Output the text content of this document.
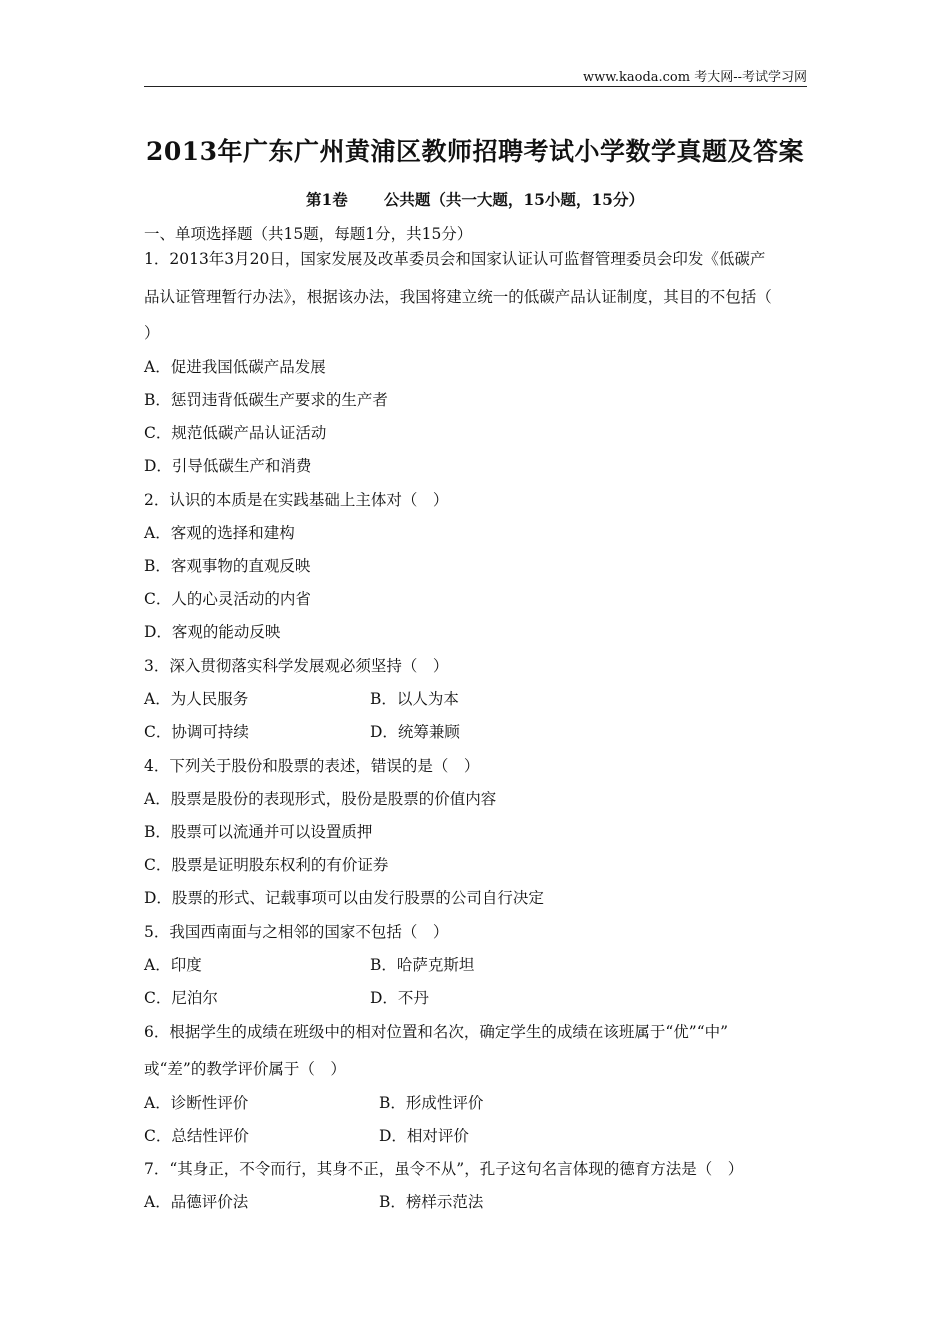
www.kaoda.com 考大网--考试学习网
2013年广东广州黄浦区教师招聘考试小学数学真题及答案
第1卷 公共题（共一大题，15小题，15分）
一、单项选择题（共15题，每题1分，共15分）
1．2013年3月20日，国家发展及改革委员会和国家认证认可监督管理委员会印发《低碳产
品认证管理暂行办法》，根据该办法，我国将建立统一的低碳产品认证制度，其目的不包括（
）
A．促进我国低碳产品发展
B．惩罚违背低碳生产要求的生产者
C．规范低碳产品认证活动
D．引导低碳生产和消费
2．认识的本质是在实践基础上主体对（　）
A．客观的选择和建构
B．客观事物的直观反映
C．人的心灵活动的内省
D．客观的能动反映
3．深入贯彻落实科学发展观必须坚持（　）
A．为人民服务	B．以人为本
C．协调可持续	D．统筹兼顾
4．下列关于股份和股票的表述，错误的是（　）
A．股票是股份的表现形式，股份是股票的价值内容
B．股票可以流通并可以设置质押
C．股票是证明股东权利的有价证券
D．股票的形式、记载事项可以由发行股票的公司自行决定
5．我国西南面与之相邻的国家不包括（　）
A．印度	B．哈萨克斯坦
C．尼泊尔	D．不丹
6．根据学生的成绩在班级中的相对位置和名次，确定学生的成绩在该班属于“优”“中”
或“差”的教学评价属于（　）
A．诊断性评价	B．形成性评价
C．总结性评价	D．相对评价
7．“其身正，不令而行，其身不正，虽令不从”，孔子这句名言体现的德育方法是（　）
A．品德评价法	B．榜样示范法
